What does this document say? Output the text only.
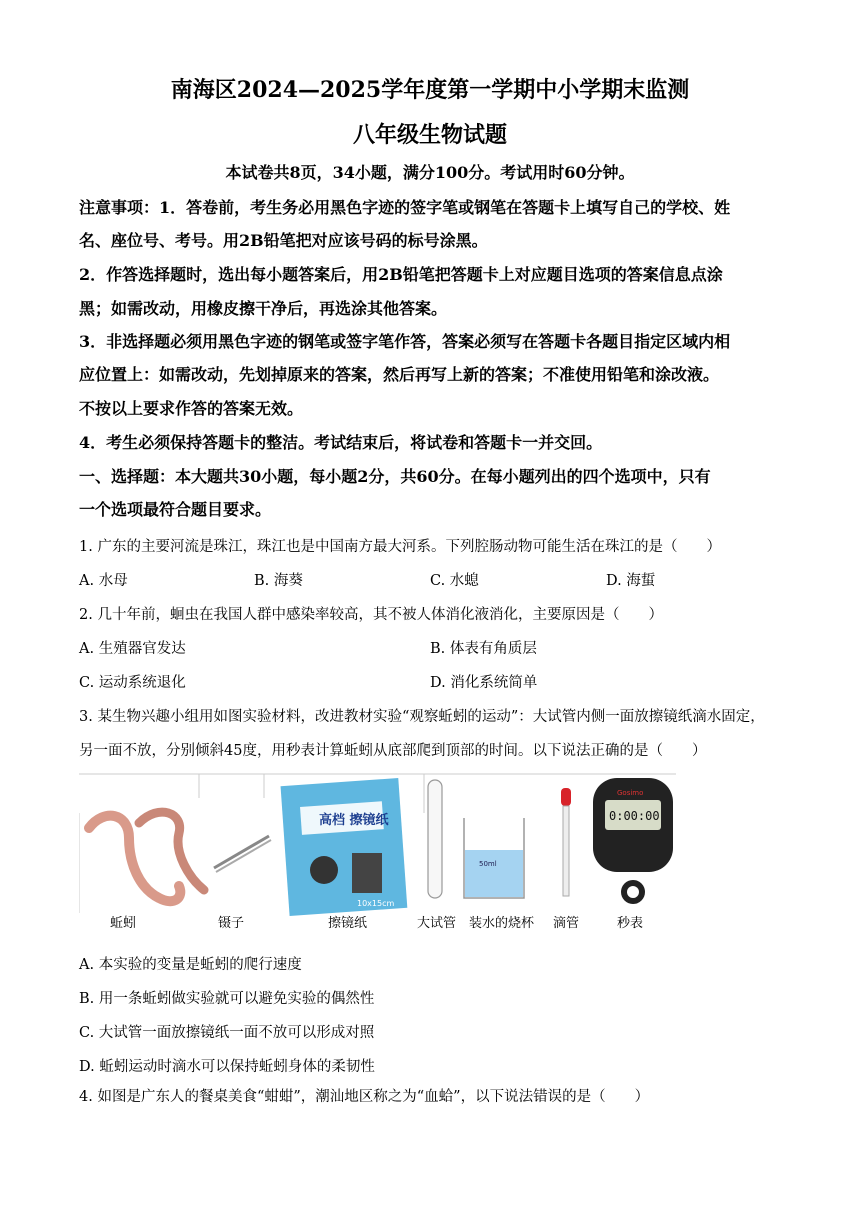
南海区2024—2025学年度第一学期中小学期末监测
八年级生物试题
本试卷共8页，34小题，满分100分。考试用时60分钟。
注意事项：1．答卷前，考生务必用黑色字迹的签字笔或钢笔在答题卡上填写自己的学校、姓
名、座位号、考号。用2B铅笔把对应该号码的标号涂黑。
2．作答选择题时，选出每小题答案后，用2B铅笔把答题卡上对应题目选项的答案信息点涂
黑；如需改动，用橡皮擦干净后，再选涂其他答案。
3．非选择题必须用黑色字迹的钢笔或签字笔作答，答案必须写在答题卡各题目指定区域内相
应位置上：如需改动，先划掉原来的答案，然后再写上新的答案；不准使用铅笔和涂改液。
不按以上要求作答的答案无效。
4．考生必须保持答题卡的整洁。考试结束后，将试卷和答题卡一并交回。
一、选择题：本大题共30小题，每小题2分，共60分。在每小题列出的四个选项中，只有
一个选项最符合题目要求。
1. 广东的主要河流是珠江，珠江也是中国南方最大河系。下列腔肠动物可能生活在珠江的是（　　）
A. 水母	B. 海葵	C. 水螅	D. 海蜇
2. 几十年前，蛔虫在我国人群中感染率较高，其不被人体消化液消化，主要原因是（　　）
A. 生殖器官发达	B. 体表有角质层
C. 运动系统退化	D. 消化系统简单
3. 某生物兴趣小组用如图实验材料，改进教材实验“观察蚯蚓的运动”：大试管内侧一面放擦镜纸滴水固定，
另一面不放，分别倾斜45度，用秒表计算蚯蚓从底部爬到顶部的时间。以下说法正确的是（　　）
高档 擦镜纸
10x15cm
50ml
0:00:00
Gosimo
蚯蚓	镊子	擦镜纸	大试管 装水的烧杯 滴管	秒表
A. 本实验的变量是蚯蚓的爬行速度
B. 用一条蚯蚓做实验就可以避免实验的偶然性
C. 大试管一面放擦镜纸一面不放可以形成对照
D. 蚯蚓运动时滴水可以保持蚯蚓身体的柔韧性
4. 如图是广东人的餐桌美食“蚶蚶”，潮汕地区称之为“血蛤”，以下说法错误的是（　　）
